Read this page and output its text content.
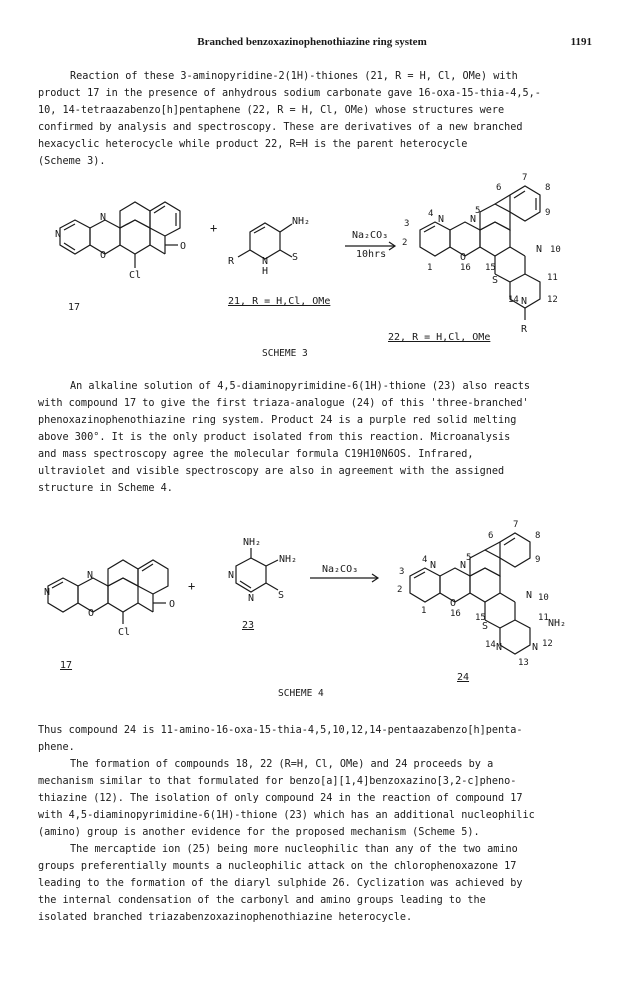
Branched benzoxazinophenothiazine ring system	1191

Reaction of these 3-aminopyridine-2(1H)-thiones (21, R = H, Cl, OMe) with

product 17 in the presence of anhydrous sodium carbonate gave 16-oxa-15-thia-4,5,-

10, 14-tetraazabenzo[h]pentaphene (22, R = H, Cl, OMe) whose structures were

confirmed by analysis and spectroscopy. These are derivatives of a new branched

hexacyclic heterocycle while product 22, R=H is the parent heterocycle

(Scheme 3).

N
N
O
O
Cl
17
+	NH₂
N
H
S
R
21, R = H,Cl, OMe
Na₂CO₃
10hrs
N	N
O
S
N
N
R
1
2
3
4	5
6
7
8
9
10
11
12
14
15
16
22, R = H,Cl, OMe
SCHEME 3

An alkaline solution of 4,5-diaminopyrimidine-6(1H)-thione (23) also reacts

with compound 17 to give the first triaza-analogue (24) of this 'three-branched'

phenoxazinophenothiazine ring system. Product 24 is a purple red solid melting

above 300°. It is the only product isolated from this reaction. Microanalysis

and mass spectroscopy agree the molecular formula C19H10N6OS. Infrared,

ultraviolet and visible spectroscopy are also in agreement with the assigned

structure in Scheme 4.

N
N
O
O
Cl
17
+
NH₂
NH₂
N
N S
23
Na₂CO₃	N N
O
S
N
NH₂
N
N
1
2
3
4	5
6
7
8
9
10
11
12
13
14
15
16
24
SCHEME 4

Thus compound 24 is 11-amino-16-oxa-15-thia-4,5,10,12,14-pentaazabenzo[h]penta-

phene.

The formation of compounds 18, 22 (R=H, Cl, OMe) and 24 proceeds by a

mechanism similar to that formulated for benzo[a][1,4]benzoxazino[3,2-c]pheno-

thiazine (12). The isolation of only compound 24 in the reaction of compound 17

with 4,5-diaminopyrimidine-6(1H)-thione (23) which has an additional nucleophilic

(amino) group is another evidence for the proposed mechanism (Scheme 5).

The mercaptide ion (25) being more nucleophilic than any of the two amino

groups preferentially mounts a nucleophilic attack on the chlorophenoxazone 17

leading to the formation of the diaryl sulphide 26. Cyclization was achieved by

the internal condensation of the carbonyl and amino groups leading to the

isolated branched triazabenzoxazinophenothiazine heterocycle.
